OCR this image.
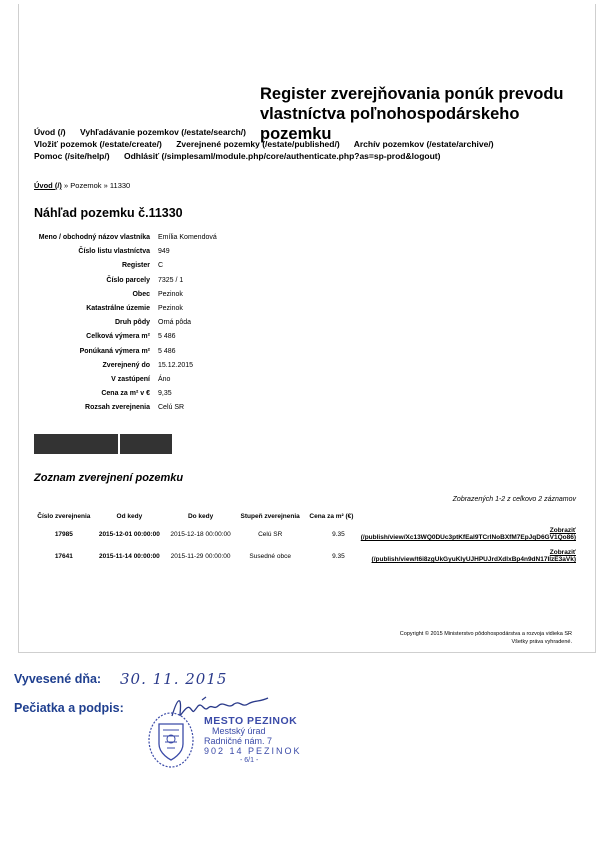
Register zverejňovania ponúk prevodu vlastníctva poľnohospodárskeho pozemku
Úvod (/) Vyhľadávanie pozemkov (/estate/search/)
Vložiť pozemok (/estate/create/) Zverejnené pozemky (/estate/published/) Archív pozemkov (/estate/archive/) Pomoc (/site/help/) Odhlásiť (/simplesaml/module.php/core/authenticate.php?as=sp-prod&logout)
Úvod (/) » Pozemok » 11330
Náhľad pozemku č.11330
Meno / obchodný názov vlastníka Emília Komendová
Číslo listu vlastníctva 949
Register C
Číslo parcely 7325 / 1
Obec Pezinok
Katastrálne územie Pezinok
Druh pôdy Orná pôda
Celková výmera m² 5 486
Ponúkaná výmera m² 5 486
Zverejnený do 15.12.2015
V zastúpení Áno
Cena za m² v € 9,35
Rozsah zverejnenia Celú SR
Zoznam zverejnení pozemku
Zobrazených 1-2 z celkovo 2 záznamov
Číslo zverejnenia	Od kedy	Do kedy	Stupeň zverejnenia	Cena za m² (€)	
17985	2015-12-01 00:00:00	2015-12-18 00:00:00	Celú SR	9.35	Zobraziť (/publish/view/Xc13WQ0DUc3ptKfEal9TCrlNoBXfM7EpJqD6GV1Qo86)
17641	2015-11-14 00:00:00	2015-11-29 00:00:00	Susedné obce	9.35	Zobraziť (/publish/view/t6i8zgUkGyuKIyUJHPUJrdXdlxBp4n9dN17IlzE3aVk)
Copyright © 2015 Ministerstvo pôdohospodárstva a rozvoja vidieka SR
Všetky práva vyhradené.
Vyvesené dňa: 30. 11. 2015
Pečiatka a podpis:
MESTO PEZINOK
Mestský úrad
Radničné nám. 7
902 14 PEZINOK
- 6/1 -
